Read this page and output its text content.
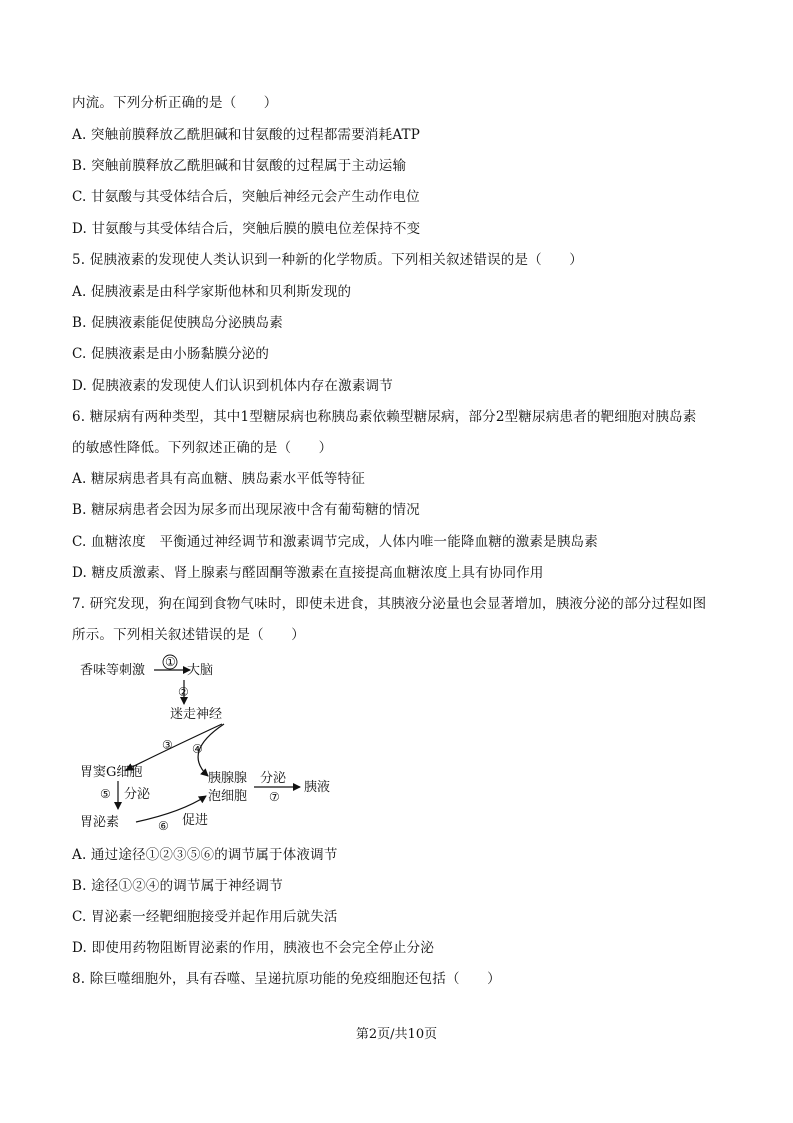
内流。下列分析正确的是（　　）
A. 突触前膜释放乙酰胆碱和甘氨酸的过程都需要消耗ATP
B. 突触前膜释放乙酰胆碱和甘氨酸的过程属于主动运输
C. 甘氨酸与其受体结合后，突触后神经元会产生动作电位
D. 甘氨酸与其受体结合后，突触后膜的膜电位差保持不变
5. 促胰液素的发现使人类认识到一种新的化学物质。下列相关叙述错误的是（　　）
A. 促胰液素是由科学家斯他林和贝利斯发现的
B. 促胰液素能促使胰岛分泌胰岛素
C. 促胰液素是由小肠黏膜分泌的
D. 促胰液素的发现使人们认识到机体内存在激素调节
6. 糖尿病有两种类型，其中1型糖尿病也称胰岛素依赖型糖尿病，部分2型糖尿病患者的靶细胞对胰岛素
的敏感性降低。下列叙述正确的是（　　）
A. 糖尿病患者具有高血糖、胰岛素水平低等特征
B. 糖尿病患者会因为尿多而出现尿液中含有葡萄糖的情况
C. 血糖浓度　平衡通过神经调节和激素调节完成，人体内唯一能降血糖的激素是胰岛素
D. 糖皮质激素、肾上腺素与醛固酮等激素在直接提高血糖浓度上具有协同作用
7. 研究发现，狗在闻到食物气味时，即使未进食，其胰液分泌量也会显著增加，胰液分泌的部分过程如图
所示。下列相关叙述错误的是（　　）
香味等刺激
①
大脑
②
迷走神经
③ ④
胃窦G细胞	胰腺腺
泡细胞
分泌
⑦
胰液
⑤ 分泌
胃泌素	⑥ 促进
A. 通过途径①②③⑤⑥的调节属于体液调节
B. 途径①②④的调节属于神经调节
C. 胃泌素一经靶细胞接受并起作用后就失活
D. 即使用药物阻断胃泌素的作用，胰液也不会完全停止分泌
8. 除巨噬细胞外，具有吞噬、呈递抗原功能的免疫细胞还包括（　　）
第2页/共10页
